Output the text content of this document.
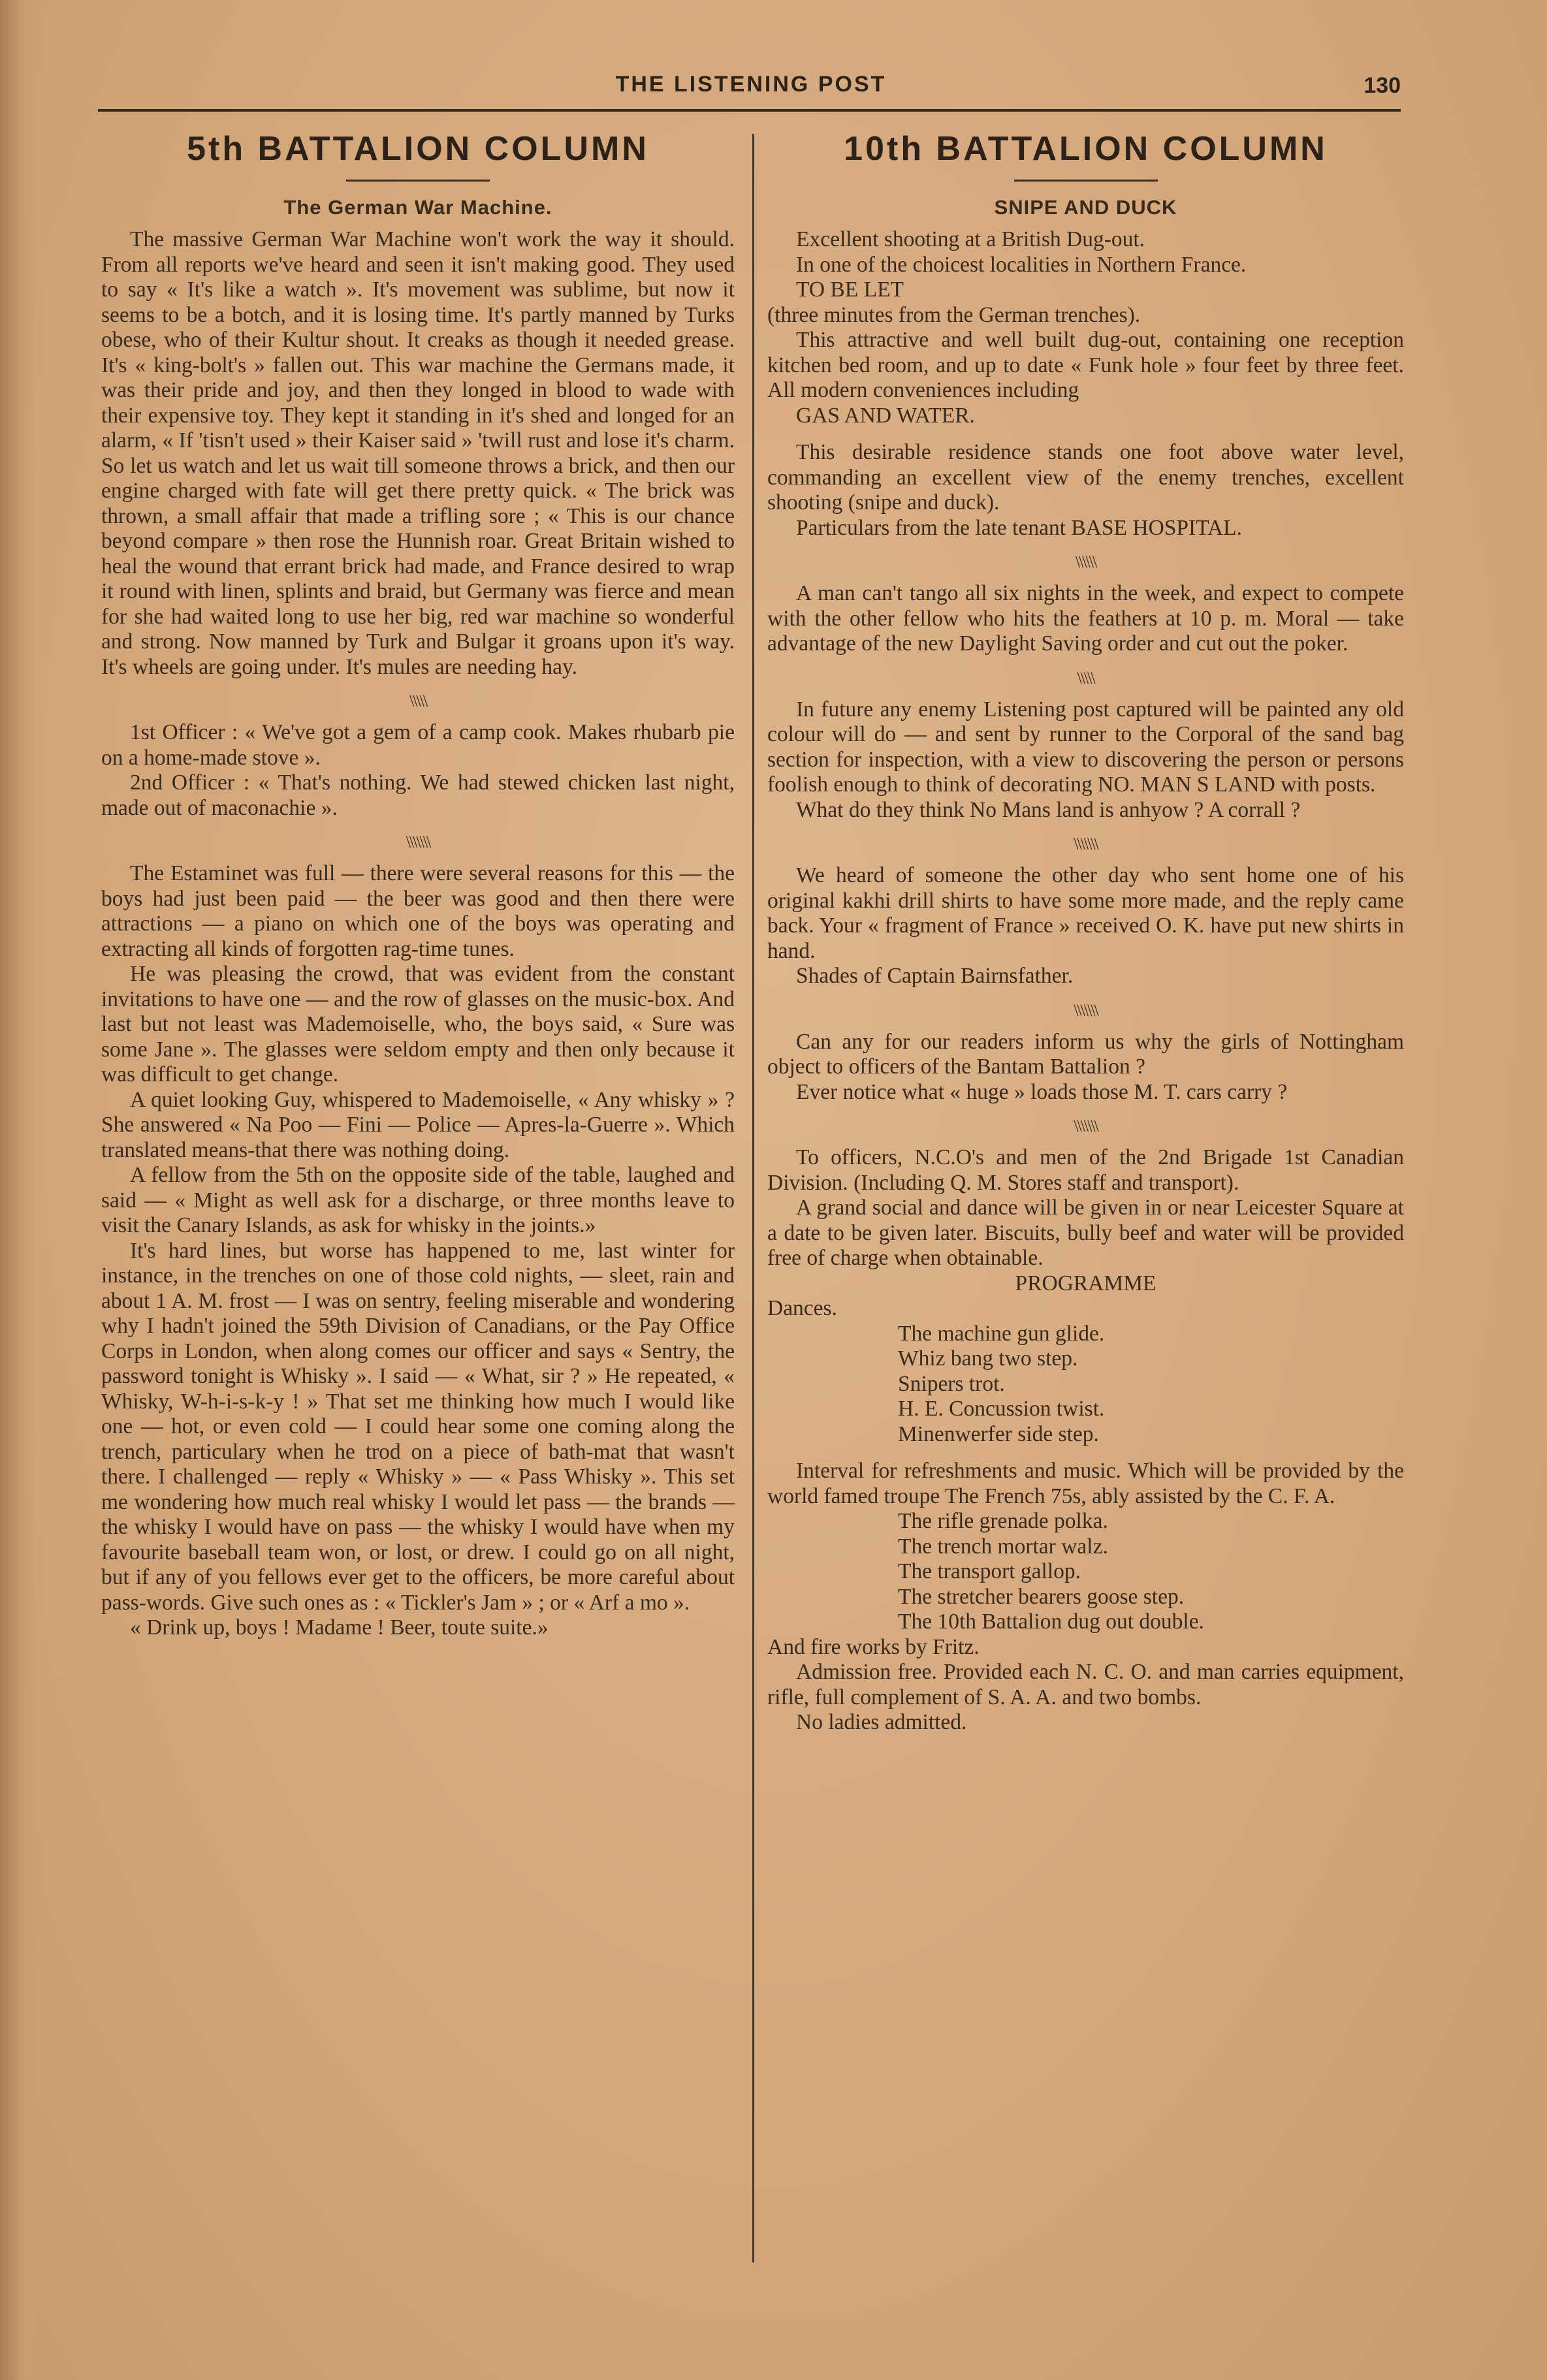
THE LISTENING POST	130
5th BATTALION COLUMN
The German War Machine.

The massive German War Machine won't work the way it should. From all reports we've heard and seen it isn't making good. They used to say « It's like a watch ». It's movement was sublime, but now it seems to be a botch, and it is losing time. It's partly manned by Turks obese, who of their Kultur shout. It creaks as though it needed grease. It's « king-bolt's » fallen out. This war machine the Germans made, it was their pride and joy, and then they longed in blood to wade with their expensive toy. They kept it standing in it's shed and longed for an alarm, « If 'tisn't used » their Kaiser said » 'twill rust and lose it's charm. So let us watch and let us wait till someone throws a brick, and then our engine charged with fate will get there pretty quick. « The brick was thrown, a small affair that made a trifling sore ; « This is our chance beyond compare » then rose the Hunnish roar. Great Britain wished to heal the wound that errant brick had made, and France desired to wrap it round with linen, splints and braid, but Germany was fierce and mean for she had waited long to use her big, red war machine so wonderful and strong. Now manned by Turk and Bulgar it groans upon it's way. It's wheels are going under. It's mules are needing hay.

\\\\\

1st Officer : « We've got a gem of a camp cook. Makes rhubarb pie on a home-made stove ».

2nd Officer : « That's nothing. We had stewed chicken last night, made out of maconachie ».

\\\\\\\

The Estaminet was full — there were several reasons for this — the boys had just been paid — the beer was good and then there were attractions — a piano on which one of the boys was operating and extracting all kinds of forgotten rag-time tunes.

He was pleasing the crowd, that was evident from the constant invitations to have one — and the row of glasses on the music-box. And last but not least was Mademoiselle, who, the boys said, « Sure was some Jane ». The glasses were seldom empty and then only because it was difficult to get change.

A quiet looking Guy, whispered to Mademoiselle, « Any whisky » ? She answered « Na Poo — Fini — Police — Apres-la-Guerre ». Which translated means-that there was nothing doing.

A fellow from the 5th on the opposite side of the table, laughed and said — « Might as well ask for a discharge, or three months leave to visit the Canary Islands, as ask for whisky in the joints.»

It's hard lines, but worse has happened to me, last winter for instance, in the trenches on one of those cold nights, — sleet, rain and about 1 A. M. frost — I was on sentry, feeling miserable and wondering why I hadn't joined the 59th Division of Canadians, or the Pay Office Corps in London, when along comes our officer and says « Sentry, the password tonight is Whisky ». I said — « What, sir ? » He repeated, « Whisky, W-h-i-s-k-y ! » That set me thinking how much I would like one — hot, or even cold — I could hear some one coming along the trench, particulary when he trod on a piece of bath-mat that wasn't there. I challenged — reply « Whisky » — « Pass Whisky ». This set me wondering how much real whisky I would let pass — the brands — the whisky I would have on pass — the whisky I would have when my favourite baseball team won, or lost, or drew. I could go on all night, but if any of you fellows ever get to the officers, be more careful about pass-words. Give such ones as : « Tickler's Jam » ; or « Arf a mo ».

« Drink up, boys ! Madame ! Beer, toute suite.»

10th BATTALION COLUMN
SNIPE AND DUCK

Excellent shooting at a British Dug-out.

In one of the choicest localities in Northern France.

TO BE LET

(three minutes from the German trenches).

This attractive and well built dug-out, containing one reception kitchen bed room, and up to date « Funk hole » four feet by three feet. All modern conveniences including

GAS AND WATER.

This desirable residence stands one foot above water level, commanding an excellent view of the enemy trenches, excellent shooting (snipe and duck).

Particulars from the late tenant BASE HOSPITAL.

\\\\\\

A man can't tango all six nights in the week, and expect to compete with the other fellow who hits the feathers at 10 p. m. Moral — take advantage of the new Daylight Saving order and cut out the poker.

\\\\\

In future any enemy Listening post captured will be painted any old colour will do — and sent by runner to the Corporal of the sand bag section for inspection, with a view to discovering the person or persons foolish enough to think of decorating NO. MAN S LAND with posts.

What do they think No Mans land is anhyow ? A corrall ?

\\\\\\\

We heard of someone the other day who sent home one of his original kakhi drill shirts to have some more made, and the reply came back. Your « fragment of France » received O. K. have put new shirts in hand.

Shades of Captain Bairnsfather.

\\\\\\\

Can any for our readers inform us why the girls of Nottingham object to officers of the Bantam Battalion ?

Ever notice what « huge » loads those M. T. cars carry ?

\\\\\\\

To officers, N.C.O's and men of the 2nd Brigade 1st Canadian Division. (Including Q. M. Stores staff and transport).

A grand social and dance will be given in or near Leicester Square at a date to be given later. Biscuits, bully beef and water will be provided free of charge when obtainable.

PROGRAMME

Dances.

The machine gun glide.

Whiz bang two step.

Snipers trot.

H. E. Concussion twist.

Minenwerfer side step.

Interval for refreshments and music. Which will be provided by the world famed troupe The French 75s, ably assisted by the C. F. A.

The rifle grenade polka.

The trench mortar walz.

The transport gallop.

The stretcher bearers goose step.

The 10th Battalion dug out double.

And fire works by Fritz.

Admission free. Provided each N. C. O. and man carries equipment, rifle, full complement of S. A. A. and two bombs.

No ladies admitted.
